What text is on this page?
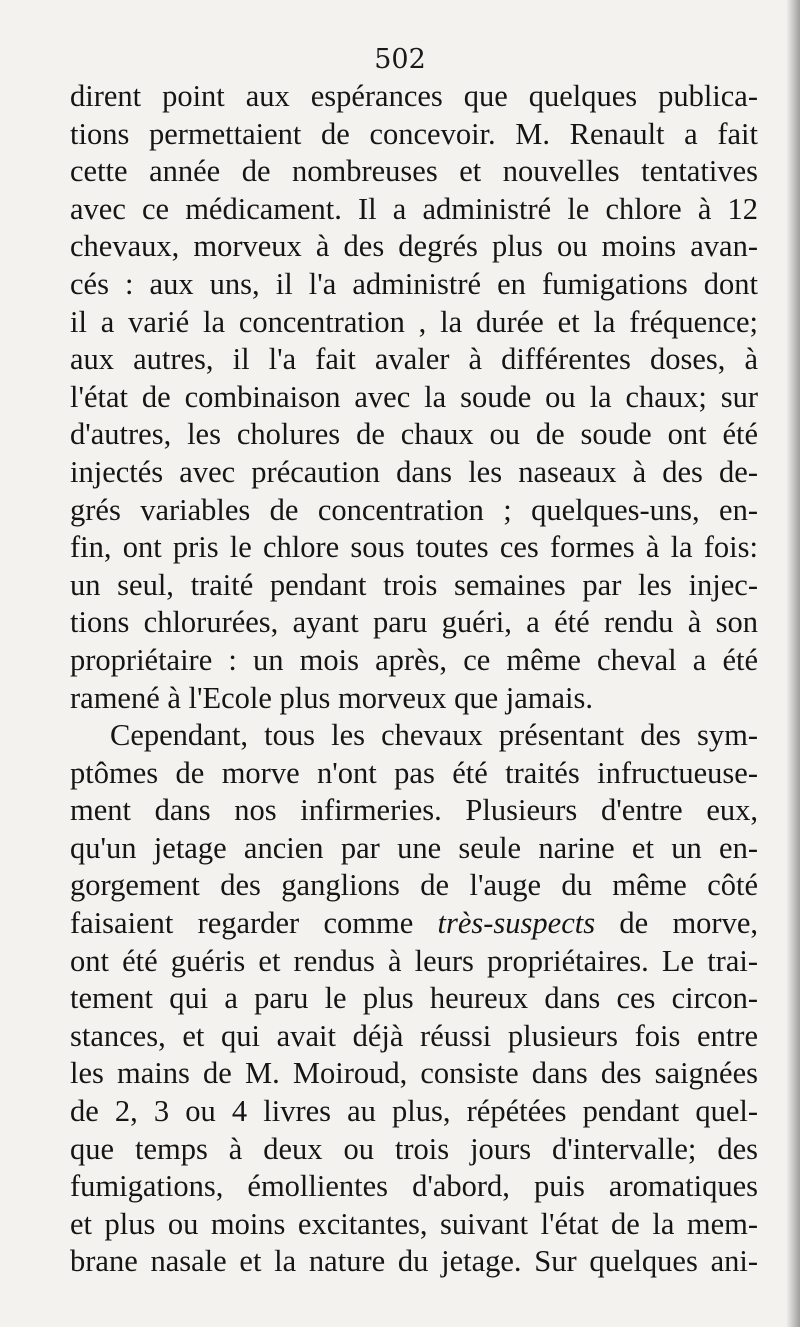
502
dirent point aux espérances que quelques publica-
tions permettaient de concevoir. M. Renault a fait
cette année de nombreuses et nouvelles tentatives
avec ce médicament. Il a administré le chlore à 12
chevaux, morveux à des degrés plus ou moins avan-
cés : aux uns, il l'a administré en fumigations dont
il a varié la concentration , la durée et la fréquence;
aux autres, il l'a fait avaler à différentes doses, à
l'état de combinaison avec la soude ou la chaux; sur
d'autres, les cholures de chaux ou de soude ont été
injectés avec précaution dans les naseaux à des de-
grés variables de concentration ; quelques-uns, en-
fin, ont pris le chlore sous toutes ces formes à la fois:
un seul, traité pendant trois semaines par les injec-
tions chlorurées, ayant paru guéri, a été rendu à son
propriétaire : un mois après, ce même cheval a été
ramené à l'Ecole plus morveux que jamais.
Cependant, tous les chevaux présentant des sym-
ptômes de morve n'ont pas été traités infructueuse-
ment dans nos infirmeries. Plusieurs d'entre eux,
qu'un jetage ancien par une seule narine et un en-
gorgement des ganglions de l'auge du même côté
faisaient regarder comme très-suspects de morve,
ont été guéris et rendus à leurs propriétaires. Le trai-
tement qui a paru le plus heureux dans ces circon-
stances, et qui avait déjà réussi plusieurs fois entre
les mains de M. Moiroud, consiste dans des saignées
de 2, 3 ou 4 livres au plus, répétées pendant quel-
que temps à deux ou trois jours d'intervalle; des
fumigations, émollientes d'abord, puis aromatiques
et plus ou moins excitantes, suivant l'état de la mem-
brane nasale et la nature du jetage. Sur quelques ani-
